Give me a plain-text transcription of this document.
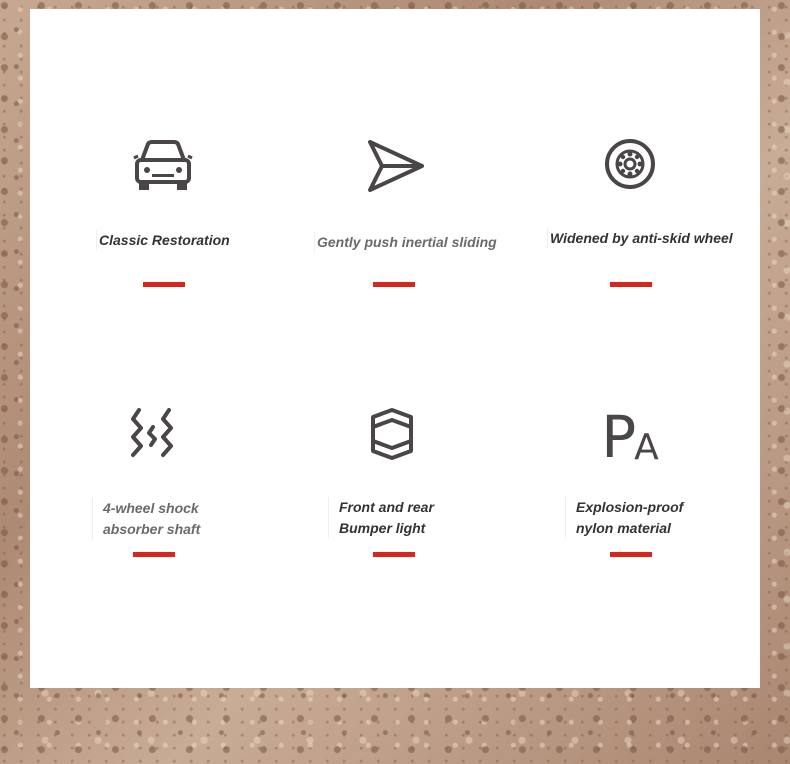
Classic Restoration	Gently push inertial sliding	Widened by anti-skid wheel
4-wheel shock
absorber shaft
Front and rear
Bumper light
P
A
Explosion-proof
nylon material
